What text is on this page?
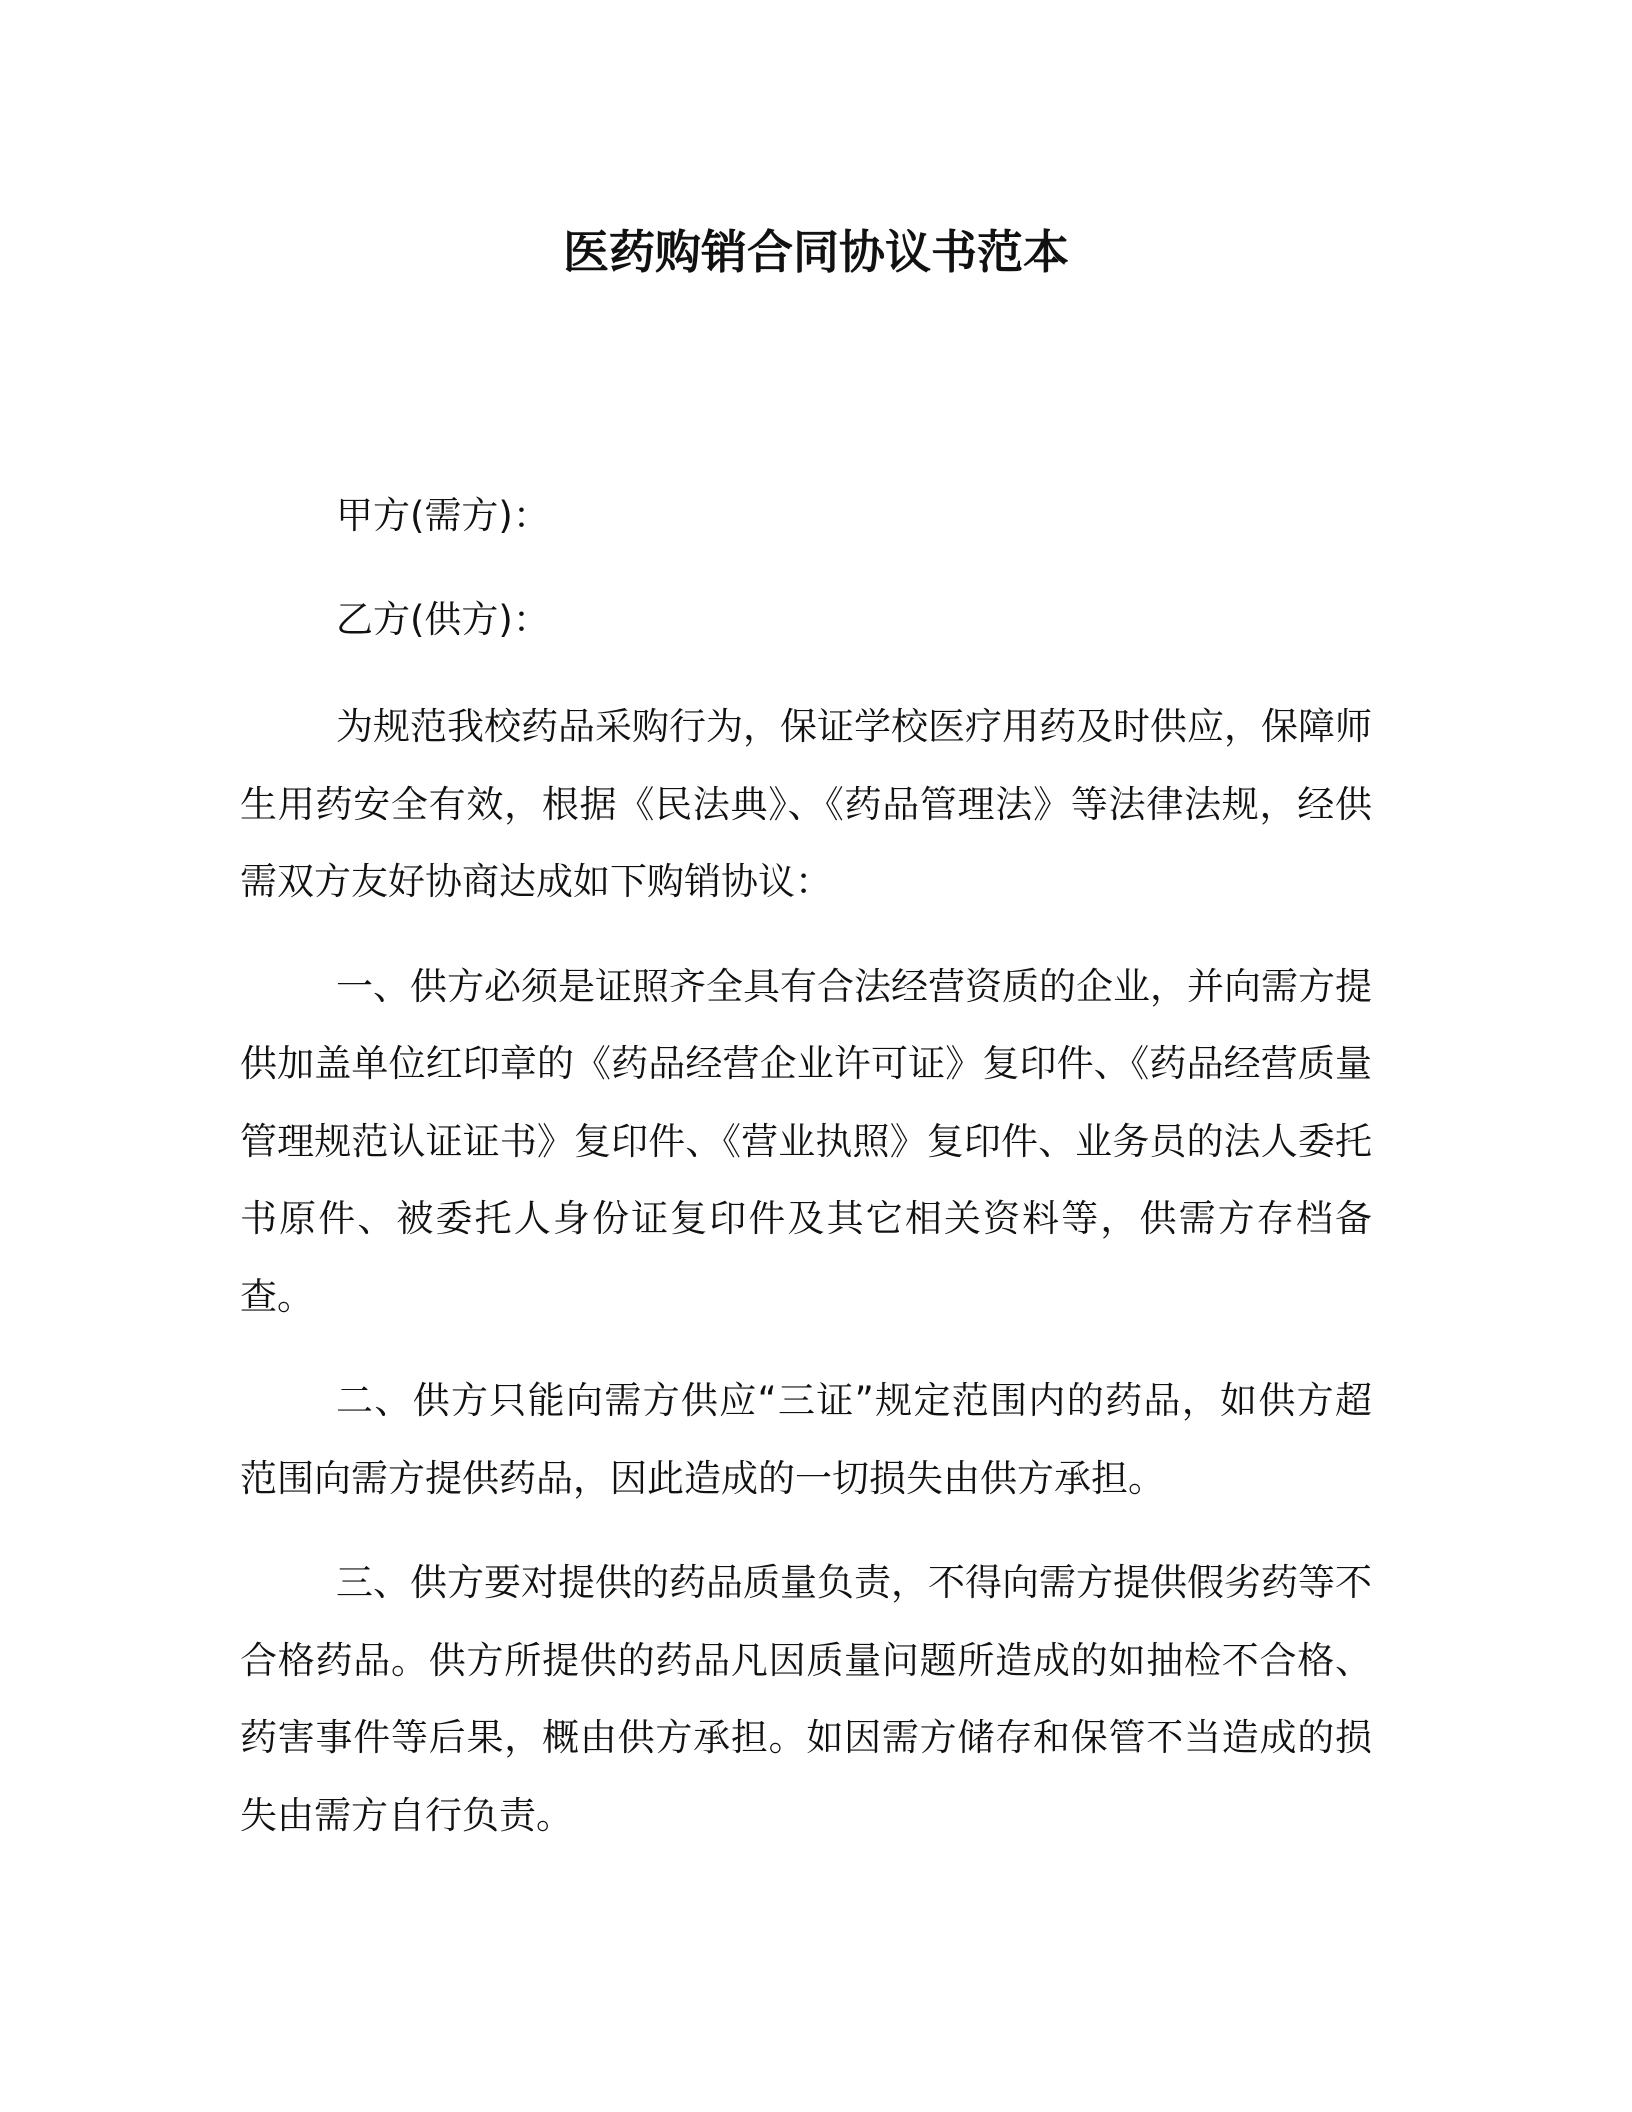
医药购销合同协议书范本

甲方(需方)：

乙方(供方)：

为规范我校药品采购行为，保证学校医疗用药及时供应，保障师生用药安全有效，根据《民法典》、《药品管理法》等法律法规，经供需双方友好协商达成如下购销协议：

一、供方必须是证照齐全具有合法经营资质的企业，并向需方提供加盖单位红印章的《药品经营企业许可证》复印件、《药品经营质量管理规范认证证书》复印件、《营业执照》复印件、业务员的法人委托书原件、被委托人身份证复印件及其它相关资料等，供需方存档备查。

二、供方只能向需方供应“三证”规定范围内的药品，如供方超范围向需方提供药品，因此造成的一切损失由供方承担。

三、供方要对提供的药品质量负责，不得向需方提供假劣药等不合格药品。供方所提供的药品凡因质量问题所造成的如抽检不合格、药害事件等后果，概由供方承担。如因需方储存和保管不当造成的损失由需方自行负责。
